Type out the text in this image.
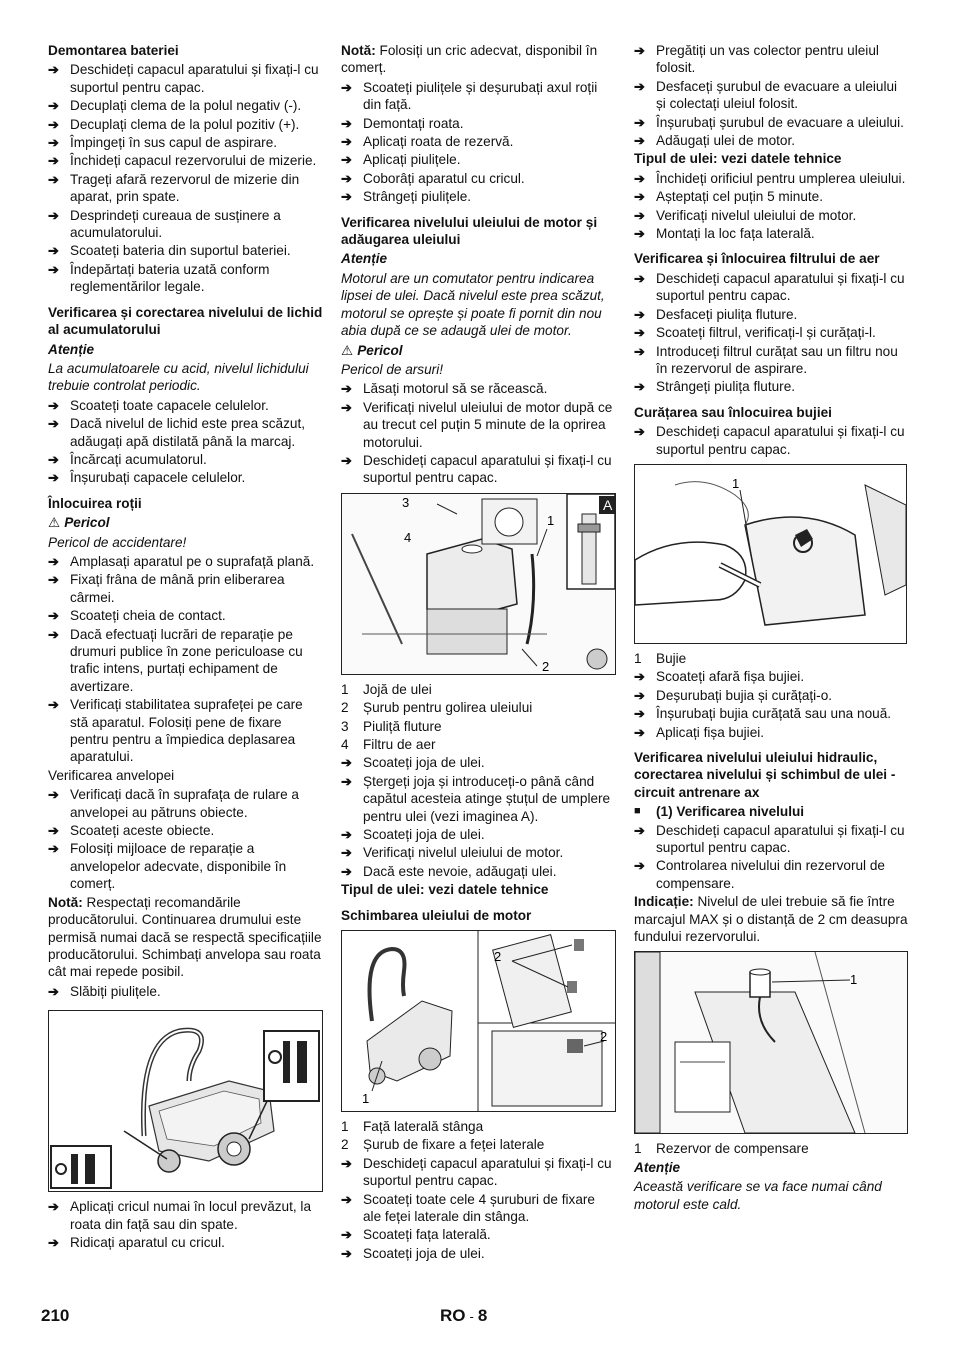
Demontarea bateriei
➔ Deschideți capacul aparatului și fixați-l cu suportul pentru capac.
➔ Decuplați clema de la polul negativ (-).
➔ Decuplați clema de la polul pozitiv (+).
➔ Împingeți în sus capul de aspirare.
➔ Închideți capacul rezervorului de mizerie.
➔ Trageți afară rezervorul de mizerie din aparat, prin spate.
➔ Desprindeți cureaua de susținere a acumulatorului.
➔ Scoateți bateria din suportul bateriei.
➔ Îndepărtați bateria uzată conform reglementărilor legale.
Verificarea și corectarea nivelului de lichid al acumulatorului
Atenție
La acumulatoarele cu acid, nivelul lichidului trebuie controlat periodic.
➔ Scoateți toate capacele celulelor.
➔ Dacă nivelul de lichid este prea scăzut, adăugați apă distilată până la marcaj.
➔ Încărcați acumulatorul.
➔ Înșurubați capacele celulelor.
Înlocuirea roții
⚠ Pericol
Pericol de accidentare!
➔ Amplasați aparatul pe o suprafață plană.
➔ Fixați frâna de mână prin eliberarea cârmei.
➔ Scoateți cheia de contact.
➔ Dacă efectuați lucrări de reparație pe drumuri publice în zone periculoase cu trafic intens, purtați echipament de avertizare.
➔ Verificați stabilitatea suprafeței pe care stă aparatul. Folosiți pene de fixare pentru pentru a împiedica deplasarea aparatului.
Verificarea anvelopei
➔ Verificați dacă în suprafața de rulare a anvelopei au pătruns obiecte.
➔ Scoateți aceste obiecte.
➔ Folosiți mijloace de reparație a anvelopelor adecvate, disponibile în comerț.
Notă: Respectați recomandările producătorului. Continuarea drumului este permisă numai dacă se respectă specificațiile producătorului. Schimbați anvelopa sau roata cât mai repede posibil.
➔ Slăbiți piulițele.
➔ Aplicați cricul numai în locul prevăzut, la roata din față sau din spate.
➔ Ridicați aparatul cu cricul.
Notă: Folosiți un cric adecvat, disponibil în comerț.
➔ Scoateți piulițele și deșurubați axul roții din față.
➔ Demontați roata.
➔ Aplicați roata de rezervă.
➔ Aplicați piulițele.
➔ Coborâți aparatul cu cricul.
➔ Strângeți piulițele.
Verificarea nivelului uleiului de motor și adăugarea uleiului
Atenție
Motorul are un comutator pentru indicarea lipsei de ulei. Dacă nivelul este prea scăzut, motorul se oprește și poate fi pornit din nou abia după ce se adaugă ulei de motor.
⚠ Pericol
Pericol de arsuri!
➔ Lăsați motorul să se răcească.
➔ Verificați nivelul uleiului de motor după ce au trecut cel puțin 5 minute de la oprirea motorului.
➔ Deschideți capacul aparatului și fixați-l cu suportul pentru capac.
3
4
1
2
A
1 Jojă de ulei
2 Șurub pentru golirea uleiului
3 Piuliță fluture
4 Filtru de aer
➔ Scoateți joja de ulei.
➔ Ștergeți joja și introduceți-o până când capătul acesteia atinge ștuțul de umplere pentru ulei (vezi imaginea A).
➔ Scoateți joja de ulei.
➔ Verificați nivelul uleiului de motor.
➔ Dacă este nevoie, adăugați ulei.
Tipul de ulei: vezi datele tehnice
Schimbarea uleiului de motor
1
2
2
1 Față laterală stânga
2 Șurub de fixare a feței laterale
➔ Deschideți capacul aparatului și fixați-l cu suportul pentru capac.
➔ Scoateți toate cele 4 șuruburi de fixare ale feței laterale din stânga.
➔ Scoateți fața laterală.
➔ Scoateți joja de ulei.
➔ Pregătiți un vas colector pentru uleiul folosit.
➔ Desfaceți șurubul de evacuare a uleiului și colectați uleiul folosit.
➔ Înșurubați șurubul de evacuare a uleiului.
➔ Adăugați ulei de motor.
Tipul de ulei: vezi datele tehnice
➔ Închideți orificiul pentru umplerea uleiului.
➔ Așteptați cel puțin 5 minute.
➔ Verificați nivelul uleiului de motor.
➔ Montați la loc fața laterală.
Verificarea și înlocuirea filtrului de aer
➔ Deschideți capacul aparatului și fixați-l cu suportul pentru capac.
➔ Desfaceți piulița fluture.
➔ Scoateți filtrul, verificați-l și curățați-l.
➔ Introduceți filtrul curățat sau un filtru nou în rezervorul de aspirare.
➔ Strângeți piulița fluture.
Curățarea sau înlocuirea bujiei
➔ Deschideți capacul aparatului și fixați-l cu suportul pentru capac.
1
1 Bujie
➔ Scoateți afară fișa bujiei.
➔ Deșurubați bujia și curățați-o.
➔ Înșurubați bujia curățată sau una nouă.
➔ Aplicați fișa bujiei.
Verificarea nivelului uleiului hidraulic, corectarea nivelului și schimbul de ulei - circuit antrenare ax
■ (1) Verificarea nivelului
➔ Deschideți capacul aparatului și fixați-l cu suportul pentru capac.
➔ Controlarea nivelului din rezervorul de compensare.
Indicație: Nivelul de ulei trebuie să fie între marcajul MAX și o distanță de 2 cm deasupra fundului rezervorului.
1
1 Rezervor de compensare
Atenție
Această verificare se va face numai când motorul este cald.
210	RO - 8
